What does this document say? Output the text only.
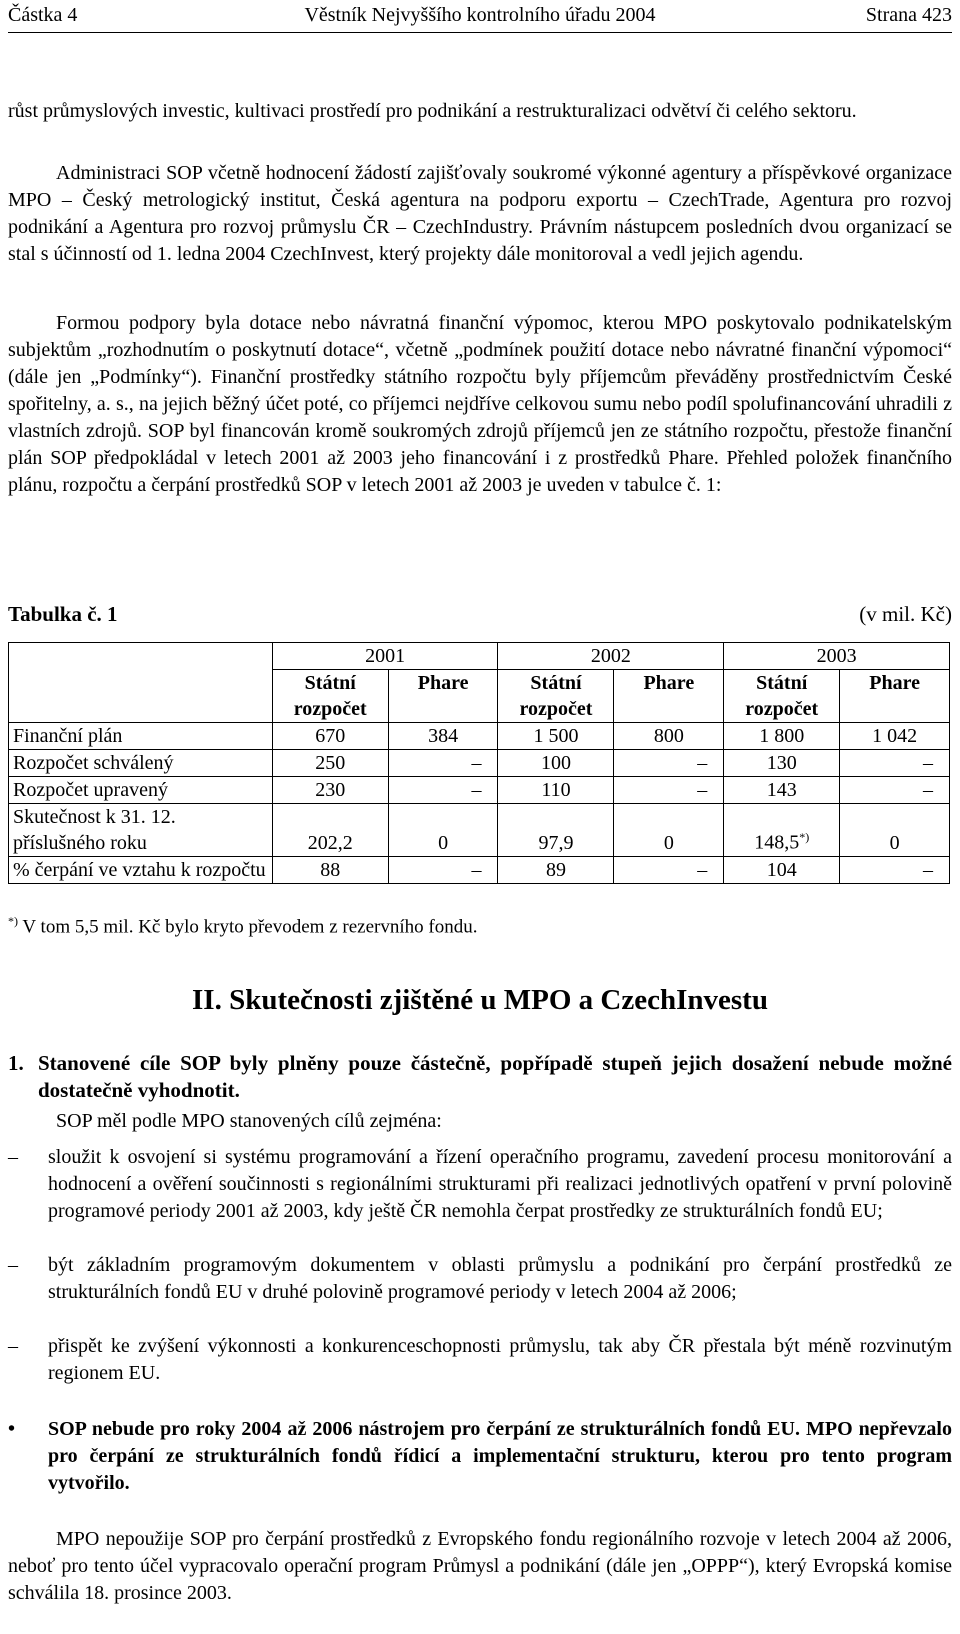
Částka 4	Věstník Nejvyššího kontrolního úřadu 2004	Strana 423
růst průmyslových investic, kultivaci prostředí pro podnikání a restrukturalizaci odvětví či celého sektoru.
Administraci SOP včetně hodnocení žádostí zajišťovaly soukromé výkonné agentury a příspěvkové organizace MPO – Český metrologický institut, Česká agentura na podporu exportu – CzechTrade, Agentura pro rozvoj podnikání a Agentura pro rozvoj průmyslu ČR – CzechIndustry. Právním nástupcem posledních dvou organizací se stal s účinností od 1. ledna 2004 CzechInvest, který projekty dále monitoroval a vedl jejich agendu.
Formou podpory byla dotace nebo návratná finanční výpomoc, kterou MPO poskytovalo podnikatelským subjektům „rozhodnutím o poskytnutí dotace“, včetně „podmínek použití dotace nebo návratné finanční výpomoci“ (dále jen „Podmínky“). Finanční prostředky státního rozpočtu byly příjemcům převáděny prostřednictvím České spořitelny, a. s., na jejich běžný účet poté, co příjemci nejdříve celkovou sumu nebo podíl spolufinancování uhradili z vlastních zdrojů. SOP byl financován kromě soukromých zdrojů příjemců jen ze státního rozpočtu, přestože finanční plán SOP předpokládal v letech 2001 až 2003 jeho financování i z prostředků Phare. Přehled položek finančního plánu, rozpočtu a čerpání prostředků SOP v letech 2001 až 2003 je uveden v tabulce č. 1:
Tabulka č. 1	(v mil. Kč)
	2001		2002		2003	
	Státní rozpočet	Phare	Státní rozpočet	Phare	Státní rozpočet	Phare
Finanční plán	670	384	1 500	800	1 800	1 042
Rozpočet schválený	250	–	100	–	130	–
Rozpočet upravený	230	–	110	–	143	–
Skutečnost k 31. 12. příslušného roku	202,2	0	97,9	0	148,5*)	0
% čerpání ve vztahu k rozpočtu	88	–	89	–	104	–
*) V tom 5,5 mil. Kč bylo kryto převodem z rezervního fondu.
II. Skutečnosti zjištěné u MPO a CzechInvestu
1. Stanovené cíle SOP byly plněny pouze částečně, popřípadě stupeň jejich dosažení nebude možné dostatečně vyhodnotit.
SOP měl podle MPO stanovených cílů zejména:
– sloužit k osvojení si systému programování a řízení operačního programu, zavedení procesu monitorování a hodnocení a ověření součinnosti s regionálními strukturami při realizaci jednotlivých opatření v první polovině programové periody 2001 až 2003, kdy ještě ČR nemohla čerpat prostředky ze strukturálních fondů EU;
– být základním programovým dokumentem v oblasti průmyslu a podnikání pro čerpání prostředků ze strukturálních fondů EU v druhé polovině programové periody v letech 2004 až 2006;
– přispět ke zvýšení výkonnosti a konkurenceschopnosti průmyslu, tak aby ČR přestala být méně rozvinutým regionem EU.
• SOP nebude pro roky 2004 až 2006 nástrojem pro čerpání ze strukturálních fondů EU. MPO nepřevzalo pro čerpání ze strukturálních fondů řídicí a implementační strukturu, kterou pro tento program vytvořilo.
MPO nepoužije SOP pro čerpání prostředků z Evropského fondu regionálního rozvoje v letech 2004 až 2006, neboť pro tento účel vypracovalo operační program Průmysl a podnikání (dále jen „OPPP“), který Evropská komise schválila 18. prosince 2003.
